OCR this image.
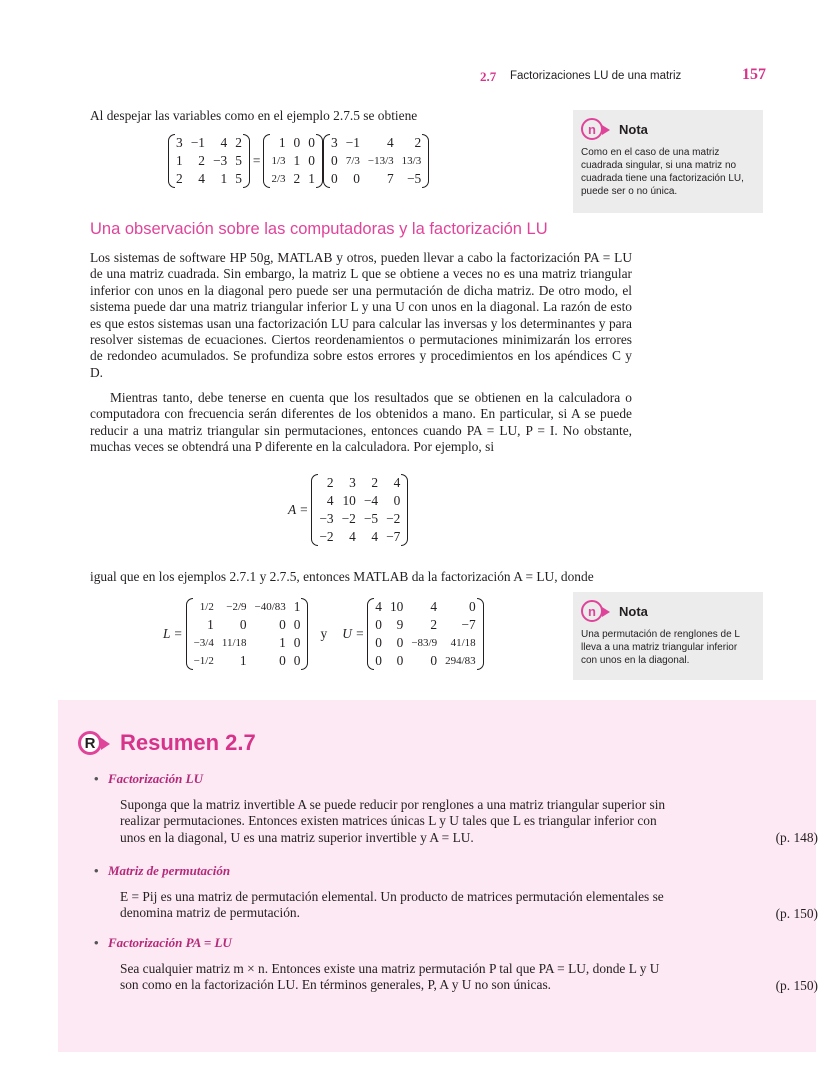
2.7 Factorizaciones LU de una matriz	157
Al despejar las variables como en el ejemplo 2.7.5 se obtiene
3	−1	4	2
1	2	−3	5
2	4	1	5
=
1	0	0
1/3	1	0
2/3	2	1
3	−1	4	2
0	7/3	−13/3	13/3
0	0	7	−5
n	Nota
Como en el caso de una matriz cuadrada singular, si una matriz no cuadrada tiene una factorización LU, puede ser o no única.
Una observación sobre las computadoras y la factorización LU

Los sistemas de software HP 50g, MATLAB y otros, pueden llevar a cabo la factorización PA = LU de una matriz cuadrada. Sin embargo, la matriz L que se obtiene a veces no es una matriz triangular inferior con unos en la diagonal pero puede ser una permutación de dicha matriz. De otro modo, el sistema puede dar una matriz triangular inferior L y una U con unos en la diagonal. La razón de esto es que estos sistemas usan una factorización LU para calcular las inversas y los determinantes y para resolver sistemas de ecuaciones. Ciertos reordenamientos o permutaciones minimizarán los errores de redondeo acumulados. Se profundiza sobre estos errores y procedimientos en los apéndices C y D.

Mientras tanto, debe tenerse en cuenta que los resultados que se obtienen en la calculadora o computadora con frecuencia serán diferentes de los obtenidos a mano. En particular, si A se puede reducir a una matriz triangular sin permutaciones, entonces cuando PA = LU, P = I. No obstante, muchas veces se obtendrá una P diferente en la calculadora. Por ejemplo, si

A =
2	3	2	4
4	10	−4	0
−3	−2	−5	−2
−2	4	4	−7
igual que en los ejemplos 2.7.1 y 2.7.5, entonces MATLAB da la factorización A = LU, donde
L =
1/2	−2/9	−40/83	1
1	0	0	0
−3/4	11/18	1	0
−1/2	1	0	0
y	U =
4	10	4	0
0	9	2	−7
0	0	−83/9	41/18
0	0	0	294/83
n	Nota
Una permutación de renglones de L lleva a una matriz triangular inferior con unos en la diagonal.
R Resumen 2.7
• Factorización LU
Suponga que la matriz invertible A se puede reducir por renglones a una matriz triangular superior sin realizar permutaciones. Entonces existen matrices únicas L y U tales que L es triangular inferior con unos en la diagonal, U es una matriz superior invertible y A = LU.	(p. 148)
• Matriz de permutación
E = Pij es una matriz de permutación elemental. Un producto de matrices permutación elementales se denomina matriz de permutación.	(p. 150)
• Factorización PA = LU
Sea cualquier matriz m × n. Entonces existe una matriz permutación P tal que PA = LU, donde L y U son como en la factorización LU. En términos generales, P, A y U no son únicas.	(p. 150)
